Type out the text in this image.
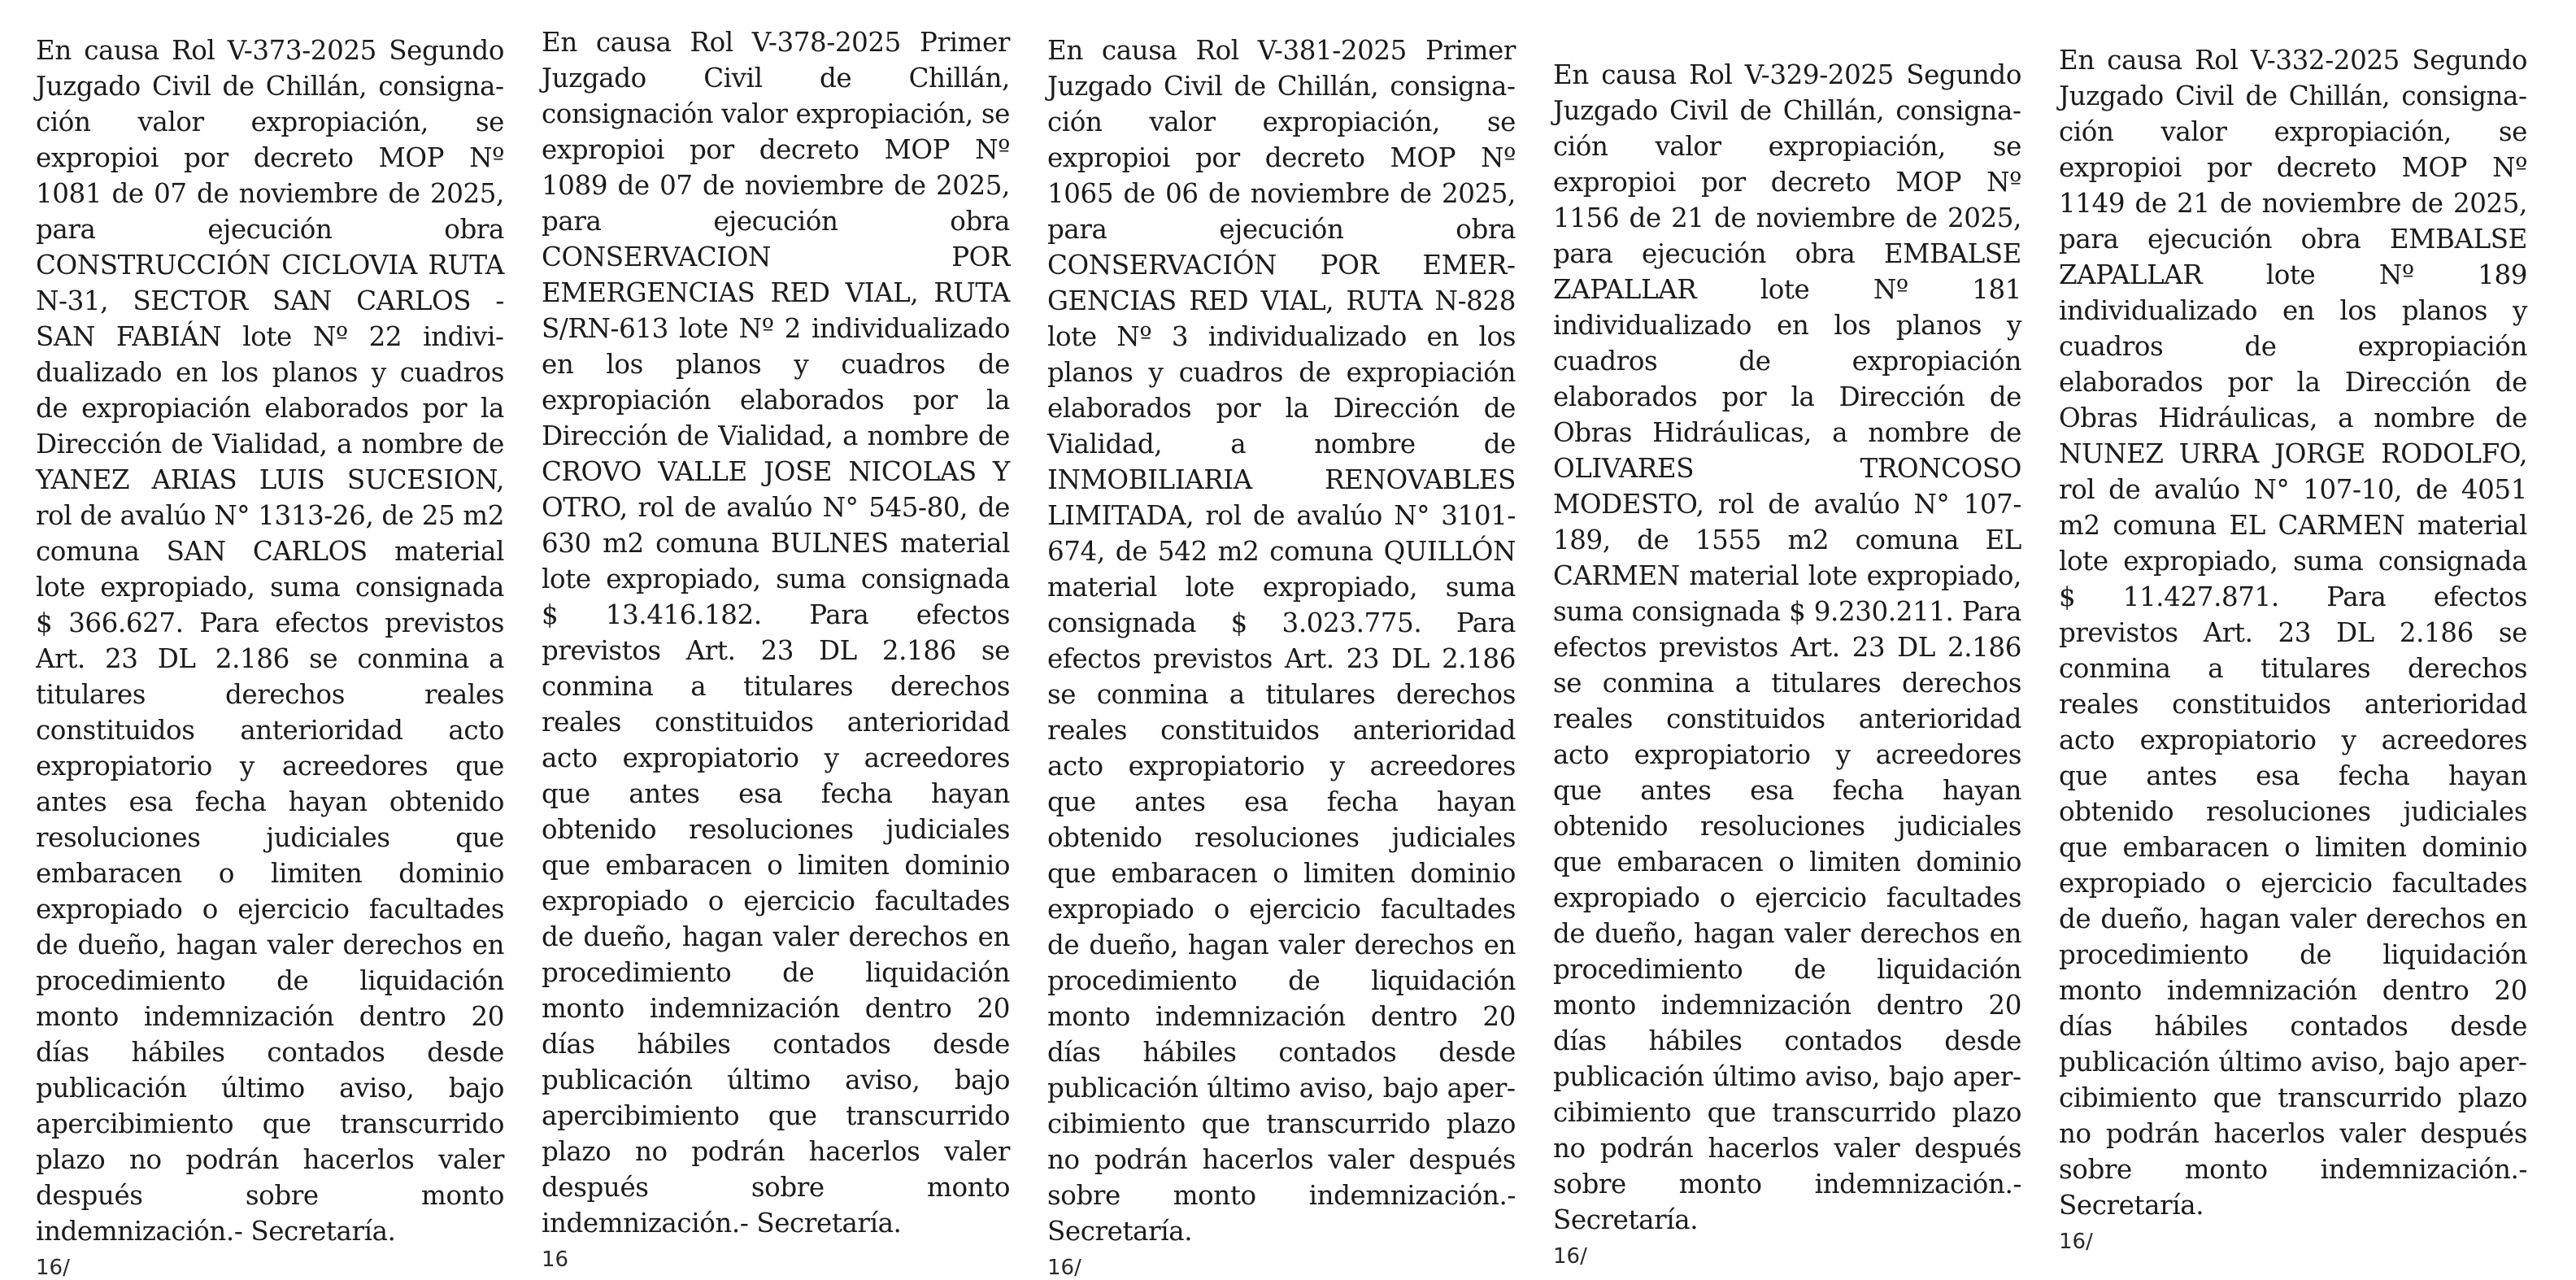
En causa Rol V-373-2025 Segundo Juzgado Civil de Chillán, consignación valor expropiación, se expropioi por decreto MOP Nº 1081 de 07 de noviembre de 2025, para ejecución obra CONSTRUCCIÓN CICLOVIA RUTA N-31, SECTOR SAN CARLOS - SAN FABIÁN lote Nº 22 individualizado en los planos y cuadros de expropiación elaborados por la Dirección de Vialidad, a nombre de YANEZ ARIAS LUIS SUCESION, rol de avalúo N° 1313-26, de 25 m2 comuna SAN CARLOS material lote expropiado, suma consignada $ 366.627. Para efectos previstos Art. 23 DL 2.186 se conmina a titulares derechos reales constituidos anterioridad acto expropiatorio y acreedores que antes esa fecha hayan obtenido resoluciones judiciales que embaracen o limiten dominio expropiado o ejercicio facultades de dueño, hagan valer derechos en procedimiento de liquidación monto indemnización dentro 20 días hábiles contados desde publicación último aviso, bajo apercibimiento que transcurrido plazo no podrán hacerlos valer después sobre monto indemnización.- Secretaría.

16/

En causa Rol V-378-2025 Primer Juzgado Civil de Chillán, consignación valor expropiación, se expropioi por decreto MOP Nº 1089 de 07 de noviembre de 2025, para ejecución obra CONSERVACION POR EMERGENCIAS RED VIAL, RUTA S/RN-613 lote Nº 2 individualizado en los planos y cuadros de expropiación elaborados por la Dirección de Vialidad, a nombre de CROVO VALLE JOSE NICOLAS Y OTRO, rol de avalúo N° 545-80, de 630 m2 comuna BULNES material lote expropiado, suma consignada $ 13.416.182. Para efectos previstos Art. 23 DL 2.186 se conmina a titulares derechos reales constituidos anterioridad acto expropiatorio y acreedores que antes esa fecha hayan obtenido resoluciones judiciales que embaracen o limiten dominio expropiado o ejercicio facultades de dueño, hagan valer derechos en procedimiento de liquidación monto indemnización dentro 20 días hábiles contados desde publicación último aviso, bajo apercibimiento que transcurrido plazo no podrán hacerlos valer después sobre monto indemnización.- Secretaría.

16

En causa Rol V-381-2025 Primer Juzgado Civil de Chillán, consignación valor expropiación, se expropioi por decreto MOP Nº 1065 de 06 de noviembre de 2025, para ejecución obra CONSERVACIÓN POR EMERGENCIAS RED VIAL, RUTA N-828 lote Nº 3 individualizado en los planos y cuadros de expropiación elaborados por la Dirección de Vialidad, a nombre de INMOBILIARIA RENOVABLES LIMITADA, rol de avalúo N° 3101-674, de 542 m2 comuna QUILLÓN material lote expropiado, suma consignada $ 3.023.775. Para efectos previstos Art. 23 DL 2.186 se conmina a titulares derechos reales constituidos anterioridad acto expropiatorio y acreedores que antes esa fecha hayan obtenido resoluciones judiciales que embaracen o limiten dominio expropiado o ejercicio facultades de dueño, hagan valer derechos en procedimiento de liquidación monto indemnización dentro 20 días hábiles contados desde publicación último aviso, bajo apercibimiento que transcurrido plazo no podrán hacerlos valer después sobre monto indemnización.- Secretaría.

16/

En causa Rol V-329-2025 Segundo Juzgado Civil de Chillán, consignación valor expropiación, se expropioi por decreto MOP Nº 1156 de 21 de noviembre de 2025, para ejecución obra EMBALSE ZAPALLAR lote Nº 181 individualizado en los planos y cuadros de expropiación elaborados por la Dirección de Obras Hidráulicas, a nombre de OLIVARES TRONCOSO MODESTO, rol de avalúo N° 107-189, de 1555 m2 comuna EL CARMEN material lote expropiado, suma consignada $ 9.230.211. Para efectos previstos Art. 23 DL 2.186 se conmina a titulares derechos reales constituidos anterioridad acto expropiatorio y acreedores que antes esa fecha hayan obtenido resoluciones judiciales que embaracen o limiten dominio expropiado o ejercicio facultades de dueño, hagan valer derechos en procedimiento de liquidación monto indemnización dentro 20 días hábiles contados desde publicación último aviso, bajo apercibimiento que transcurrido plazo no podrán hacerlos valer después sobre monto indemnización.- Secretaría.

16/

En causa Rol V-332-2025 Segundo Juzgado Civil de Chillán, consignación valor expropiación, se expropioi por decreto MOP Nº 1149 de 21 de noviembre de 2025, para ejecución obra EMBALSE ZAPALLAR lote Nº 189 individualizado en los planos y cuadros de expropiación elaborados por la Dirección de Obras Hidráulicas, a nombre de NUNEZ URRA JORGE RODOLFO, rol de avalúo N° 107-10, de 4051 m2 comuna EL CARMEN material lote expropiado, suma consignada $ 11.427.871. Para efectos previstos Art. 23 DL 2.186 se conmina a titulares derechos reales constituidos anterioridad acto expropiatorio y acreedores que antes esa fecha hayan obtenido resoluciones judiciales que embaracen o limiten dominio expropiado o ejercicio facultades de dueño, hagan valer derechos en procedimiento de liquidación monto indemnización dentro 20 días hábiles contados desde publicación último aviso, bajo apercibimiento que transcurrido plazo no podrán hacerlos valer después sobre monto indemnización.- Secretaría.

16/
